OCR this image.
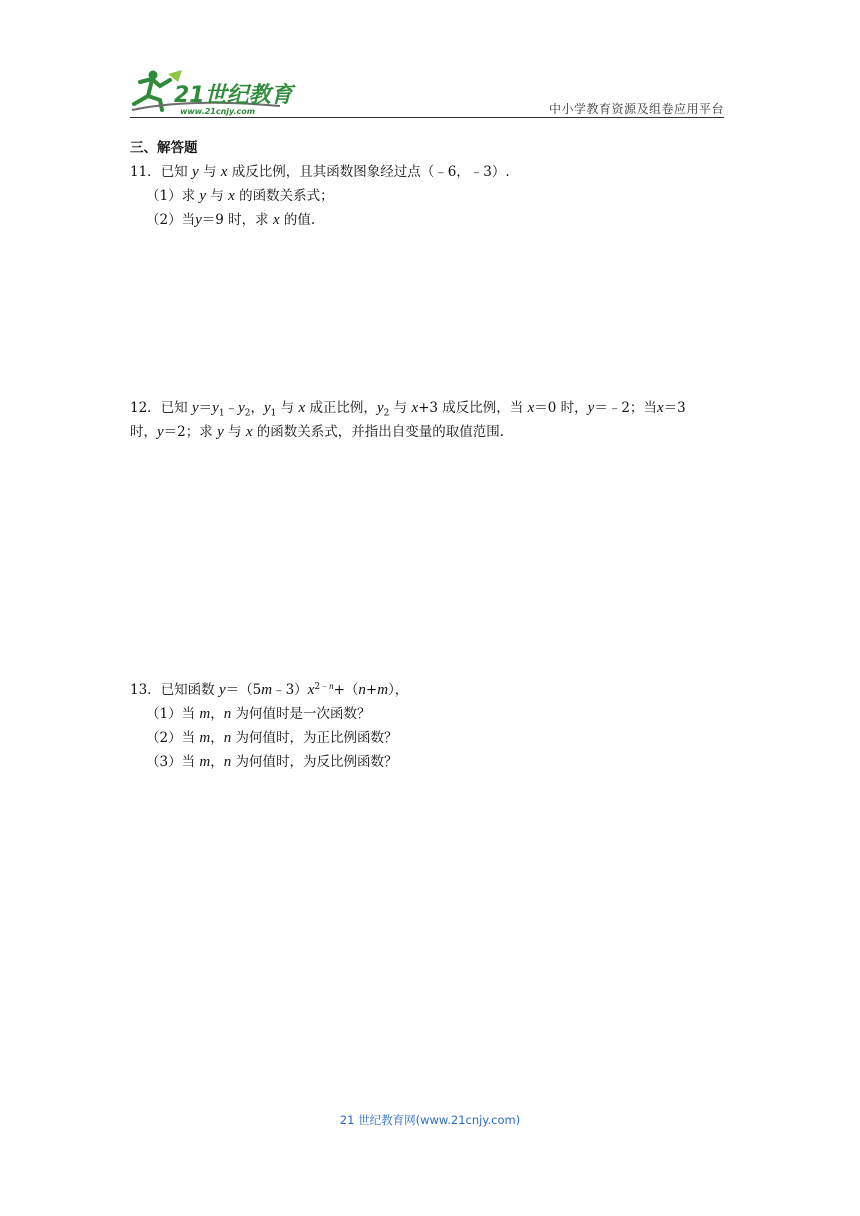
21世纪教育
www.21cnjy.com	中小学教育资源及组卷应用平台
三、解答题
11．已知 y 与 x 成反比例，且其函数图象经过点（﹣6，﹣3）.
（1）求 y 与 x 的函数关系式；
（2）当y＝9 时，求 x 的值.
12．已知 $y=y_1﹣y_2$，$y_1$ 与 x 成正比例，$y_2$ 与 x+3 成反比例，当 x＝0 时，y＝﹣2；当x＝3
时，y＝2；求 y 与 x 的函数关系式，并指出自变量的取值范围.
13．已知函数 $y=(5m﹣3)x^{2﹣n}+(n+m)$，
（1）当 m，n 为何值时是一次函数？
（2）当 m，n 为何值时，为正比例函数？
（3）当 m，n 为何值时，为反比例函数？
21 世纪教育网(www.21cnjy.com)
